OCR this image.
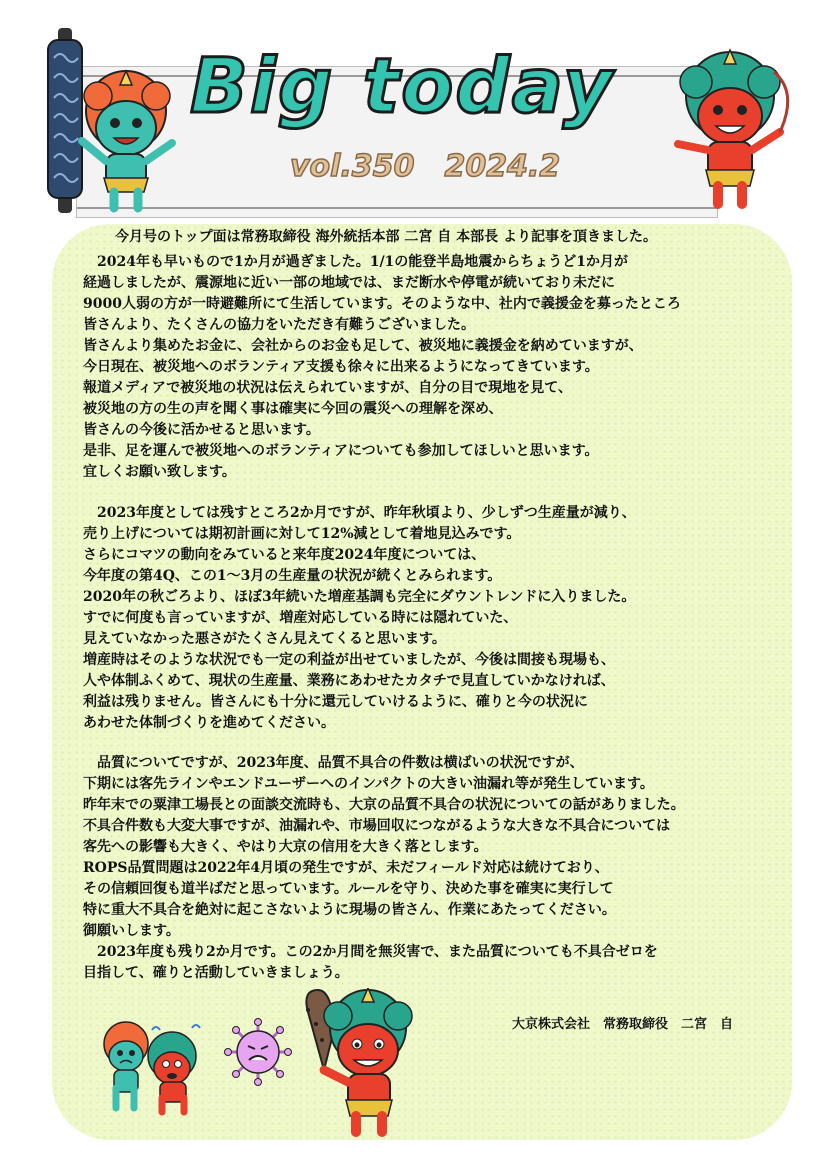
Big today
vol.350 2024.2
今月号のトップ面は常務取締役 海外統括本部 二宮 自 本部長 より記事を頂きました。
2024年も早いもので1か月が過ぎました。1/1の能登半島地震からちょうど1か月が
経過しましたが、震源地に近い一部の地域では、まだ断水や停電が続いており未だに
9000人弱の方が一時避難所にて生活しています。そのような中、社内で義援金を募ったところ
皆さんより、たくさんの協力をいただき有難うございました。
皆さんより集めたお金に、会社からのお金も足して、被災地に義援金を納めていますが、
今日現在、被災地へのボランティア支援も徐々に出来るようになってきています。
報道メディアで被災地の状況は伝えられていますが、自分の目で現地を見て、
被災地の方の生の声を聞く事は確実に今回の震災への理解を深め、
皆さんの今後に活かせると思います。
是非、足を運んで被災地へのボランティアについても参加してほしいと思います。
宜しくお願い致します。
2023年度としては残すところ2か月ですが、昨年秋頃より、少しずつ生産量が減り、
売り上げについては期初計画に対して12%減として着地見込みです。
さらにコマツの動向をみていると来年度2024年度については、
今年度の第4Q、この1～3月の生産量の状況が続くとみられます。
2020年の秋ごろより、ほぼ3年続いた増産基調も完全にダウントレンドに入りました。
すでに何度も言っていますが、増産対応している時には隠れていた、
見えていなかった悪さがたくさん見えてくると思います。
増産時はそのような状況でも一定の利益が出せていましたが、今後は間接も現場も、
人や体制ふくめて、現状の生産量、業務にあわせたカタチで見直していかなければ、
利益は残りません。皆さんにも十分に還元していけるように、確りと今の状況に
あわせた体制づくりを進めてください。
品質についてですが、2023年度、品質不具合の件数は横ばいの状況ですが、
下期には客先ラインやエンドユーザーへのインパクトの大きい油漏れ等が発生しています。
昨年末での粟津工場長との面談交流時も、大京の品質不具合の状況についての話がありました。
不具合件数も大変大事ですが、油漏れや、市場回収につながるような大きな不具合については
客先への影響も大きく、やはり大京の信用を大きく落とします。
ROPS品質問題は2022年4月頃の発生ですが、未だフィールド対応は続けており、
その信頼回復も道半ばだと思っています。ルールを守り、決めた事を確実に実行して
特に重大不具合を絶対に起こさないように現場の皆さん、作業にあたってください。
御願いします。
2023年度も残り2か月です。この2か月間を無災害で、また品質についても不具合ゼロを
目指して、確りと活動していきましょう。
大京株式会社　常務取締役　二宮　自
